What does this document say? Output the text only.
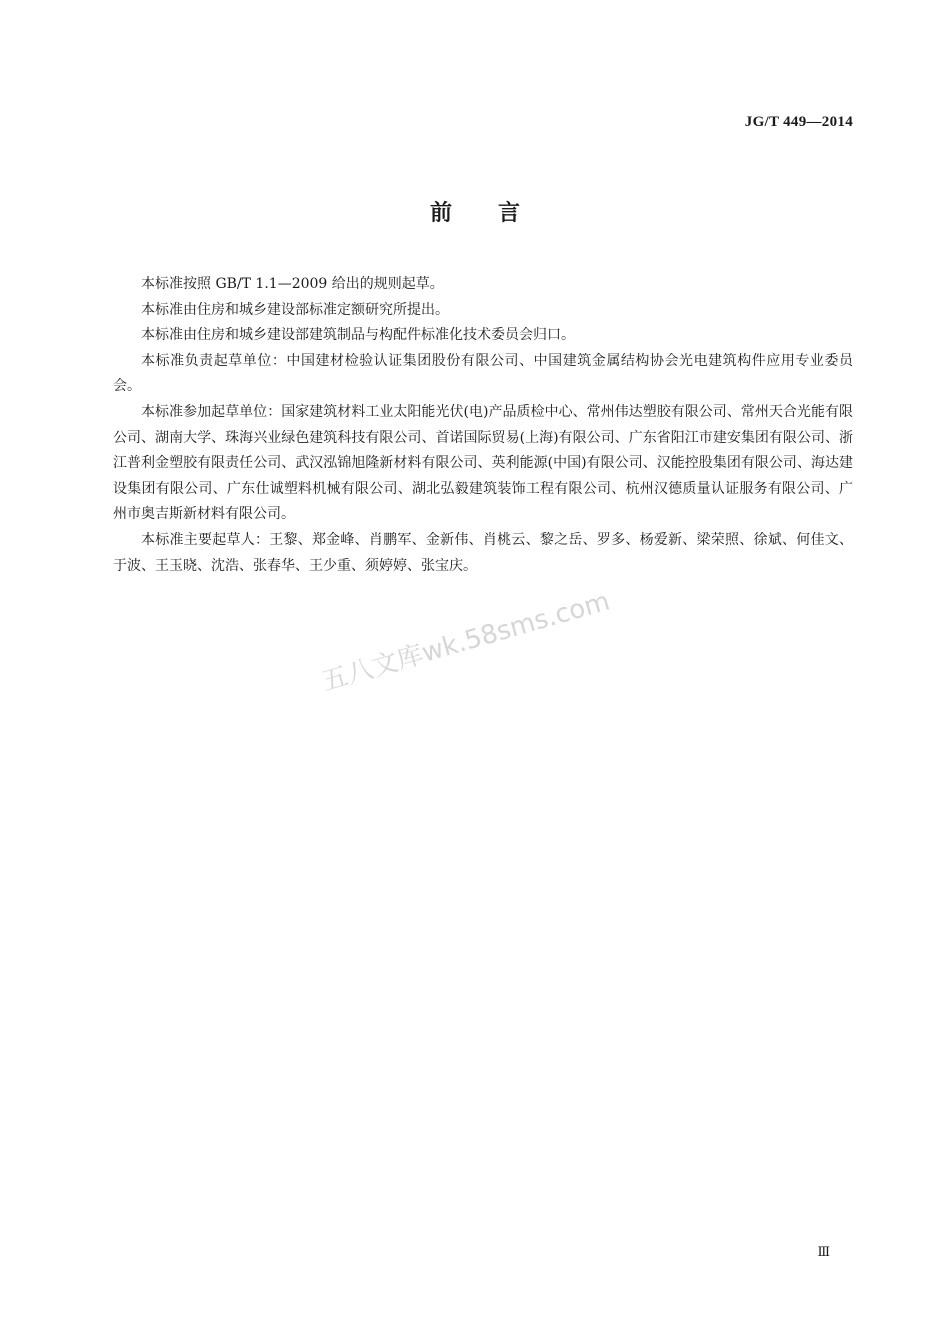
JG/T 449—2014
前言

本标准按照 GB/T 1.1—2009 给出的规则起草。

本标准由住房和城乡建设部标准定额研究所提出。

本标准由住房和城乡建设部建筑制品与构配件标准化技术委员会归口。

本标准负责起草单位：中国建材检验认证集团股份有限公司、中国建筑金属结构协会光电建筑构件应用专业委员会。

本标准参加起草单位：国家建筑材料工业太阳能光伏(电)产品质检中心、常州伟达塑胶有限公司、常州天合光能有限公司、湖南大学、珠海兴业绿色建筑科技有限公司、首诺国际贸易(上海)有限公司、广东省阳江市建安集团有限公司、浙江普利金塑胶有限责任公司、武汉泓锦旭隆新材料有限公司、英利能源(中国)有限公司、汉能控股集团有限公司、海达建设集团有限公司、广东仕诚塑料机械有限公司、湖北弘毅建筑装饰工程有限公司、杭州汉德质量认证服务有限公司、广州市奥吉斯新材料有限公司。

本标准主要起草人：王黎、郑金峰、肖鹏军、金新伟、肖桃云、黎之岳、罗多、杨爱新、梁荣照、徐斌、何佳文、于波、王玉晓、沈浩、张春华、王少重、须婷婷、张宝庆。

五八文库wk.58sms.com
Ⅲ
